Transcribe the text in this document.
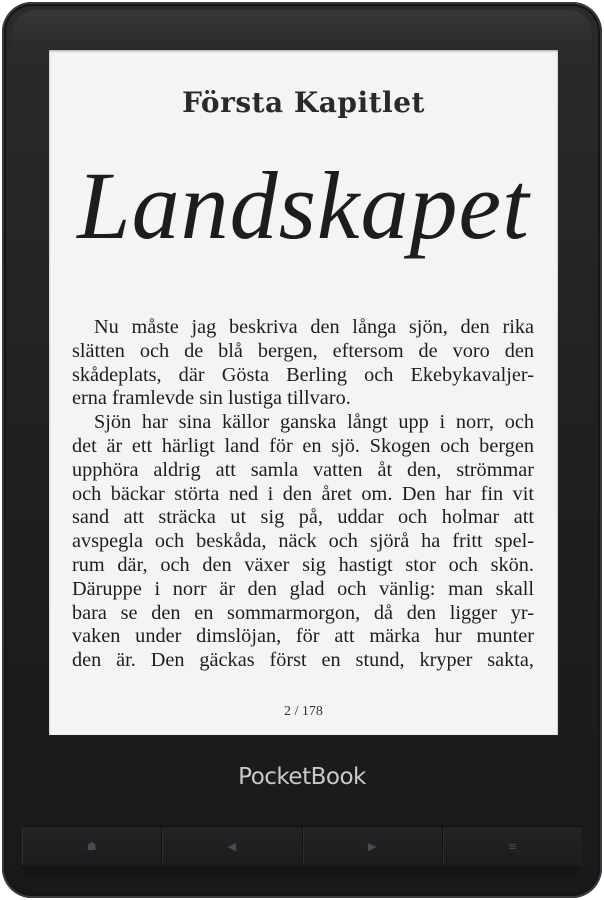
Första Kapitlet
Landskapet
Nu måste jag beskriva den långa sjön, den rika
slätten och de blå bergen, eftersom de voro den
skådeplats, där Gösta Berling och Ekebykavaljer-
erna framlevde sin lustiga tillvaro.
Sjön har sina källor ganska långt upp i norr, och
det är ett härligt land för en sjö. Skogen och bergen
upphöra aldrig att samla vatten åt den, strömmar
och bäckar störta ned i den året om. Den har fin vit
sand att sträcka ut sig på, uddar och holmar att
avspegla och beskåda, näck och sjörå ha fritt spel-
rum där, och den växer sig hastigt stor och skön.
Däruppe i norr är den glad och vänlig: man skall
bara se den en sommarmorgon, då den ligger yr-
vaken under dimslöjan, för att märka hur munter
den är. Den gäckas först en stund, kryper sakta,
2 / 178
PocketBook
☗	◀	▶	≡
